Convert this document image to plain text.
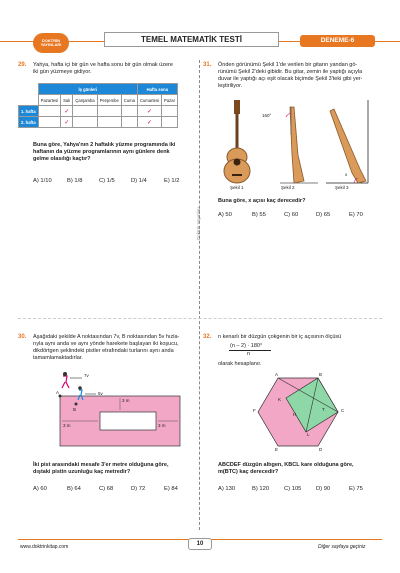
DOKTRİN YAYINLARI
TEMEL MATEMATİK TESTİ	DENEME-6
Doktrin Yayınları
29. Yahya, hafta içi bir gün ve hafta sonu bir gün olmak üzere
iki gün yüzmeye gidiyor.
	İş günleri					Hafta sonu	
	Pazartesi	Salı	Çarşamba	Perşembe	Cuma	Cumartesi	Pazar
1. hafta		✓				✓	
2. hafta		✓				✓	
Buna göre, Yahya'nın 2 haftalık yüzme programında iki
haftanın da yüzme programlarının aynı günlere denk
gelme olasılığı kaçtır?
A) 1/10	B) 1/8	C) 1/5	D) 1/4	E) 1/2
31. Önden görünümü Şekil 1'de verilen bir gitarın yandan gö-
rünümü Şekil 2'deki gibidir. Bu gitar, zemin ile yaptığı açıyla
duvar ile yaptığı açı eşit olacak biçimde Şekil 3'teki gibi yer-
leştiriliyor.
160°
x
Şekil 1	Şekil 2	Şekil 3
Buna göre, x açısı kaç derecedir?
A) 50	B) 55	C) 60	D) 65	E) 70
30. Aşağıdaki şekilde A noktasından 7v, B noktasından 5v hızla-
rıyla aynı anda ve aynı yönde harekete başlayan iki koşucu,
dikdörtgen şeklindeki pistler etrafındaki turlarını aynı anda
tamamlamaktadırlar.
7v
5v
A
B
3 m
3 m	3 m
İki pist arasındaki mesafe 3'er metre olduğuna göre,
dıştaki pistin uzunluğu kaç metredir?
A) 60	B) 64	C) 68	D) 72	E) 84
32. n kenarlı bir düzgün çokgenin bir iç açısının ölçüsü
(n – 2) · 180°
n
olarak hesaplanır.
A	B
C
D
E
F
K
H
L
T
ABCDEF düzgün altıgen, KBCL kare olduğuna göre,
m(BTC) kaç derecedir?
A) 130	B) 120	C) 105	D) 90	E) 75
www.doktrinkitap.com	10	Diğer sayfaya geçiniz
